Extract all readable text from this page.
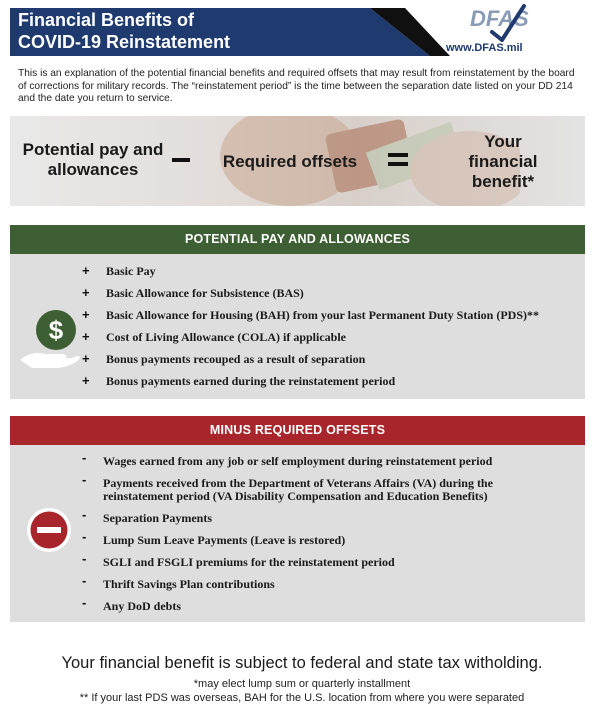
Financial Benefits of
COVID-19 Reinstatement
DFAS
www.DFAS.mil
This is an explanation of the potential financial benefits and required offsets that may result from reinstatement by the board of corrections for military records. The “reinstatement period” is the time between the separation date listed on your DD 214 and the date you return to service.
Potential pay and allowances	Required offsets
Your financial benefit*
POTENTIAL PAY AND ALLOWANCES
$
+ Basic Pay
+ Basic Allowance for Subsistence (BAS)
+ Basic Allowance for Housing (BAH) from your last Permanent Duty Station (PDS)**
+ Cost of Living Allowance (COLA) if applicable
+ Bonus payments recouped as a result of separation
+ Bonus payments earned during the reinstatement period
MINUS REQUIRED OFFSETS
- Wages earned from any job or self employment during reinstatement period
- Payments received from the Department of Veterans Affairs (VA) during the reinstatement period (VA Disability Compensation and Education Benefits)
- Separation Payments
- Lump Sum Leave Payments (Leave is restored)
- SGLI and FSGLI premiums for the reinstatement period
- Thrift Savings Plan contributions
- Any DoD debts
Your financial benefit is subject to federal and state tax witholding.
*may elect lump sum or quarterly installment
** If your last PDS was overseas, BAH for the U.S. location from where you were separated
